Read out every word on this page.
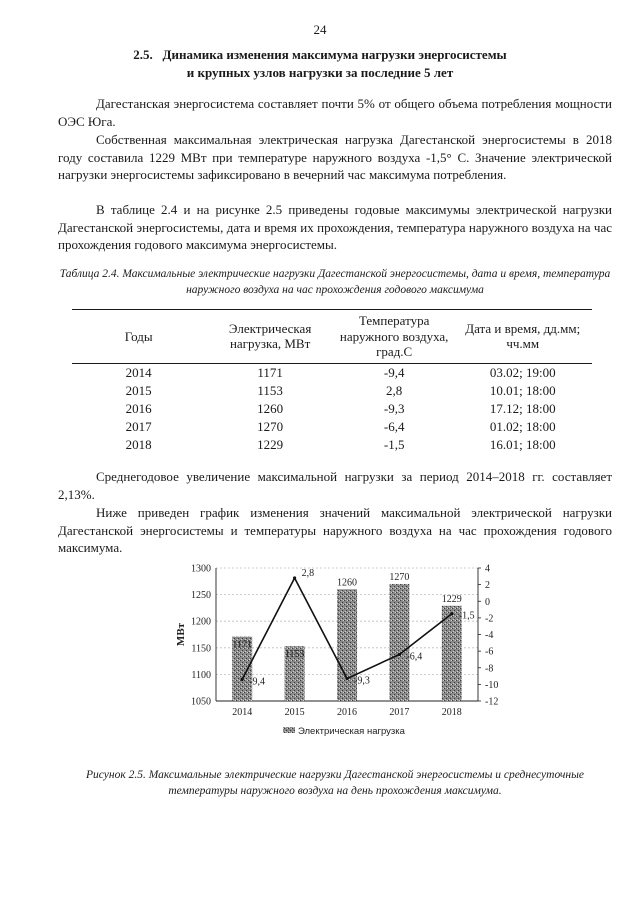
24
2.5. Динамика изменения максимума нагрузки энергосистемы
и крупных узлов нагрузки за последние 5 лет

Дагестанская энергосистема составляет почти 5% от общего объема потребления мощности ОЭС Юга.

Собственная максимальная электрическая нагрузка Дагестанской энергосистемы в 2018 году составила 1229 МВт при температуре наружного воздуха -1,5° С. Значение электрической нагрузки энергосистемы зафиксировано в вечерний час максимума потребления.

В таблице 2.4 и на рисунке 2.5 приведены годовые максимумы электрической нагрузки Дагестанской энергосистемы, дата и время их прохождения, температура наружного воздуха на час прохождения годового максимума энергосистемы.

Таблица 2.4. Максимальные электрические нагрузки Дагестанской энергосистемы, дата и время, температура наружного воздуха на час прохождения годового максимума
Годы	Электрическая нагрузка, МВт	Температура наружного воздуха, град.С	Дата и время, дд.мм; чч.мм
2014	1171	-9,4	03.02; 19:00
2015	1153	2,8	10.01; 18:00
2016	1260	-9,3	17.12; 18:00
2017	1270	-6,4	01.02; 18:00
2018	1229	-1,5	16.01; 18:00

Среднегодовое увеличение максимальной нагрузки за период 2014–2018 гг. составляет 2,13%.

Ниже приведен график изменения значений максимальной электрической нагрузки Дагестанской энергосистемы и температуры наружного воздуха на час прохождения годового максимума.

1050
1100
1150
1200
1250
1300	4
2
0
-2
-4
-6
-8
-10
-12
МВт
2014	2015	2016	2017	2018
1171
1153
1260	1270
1229
-9,4
2,8
-9,3
-6,4
-1,5
Электрическая нагрузка
Рисунок 2.5. Максимальные электрические нагрузки Дагестанской энергосистемы и среднесуточные температуры наружного воздуха на день прохождения максимума.
